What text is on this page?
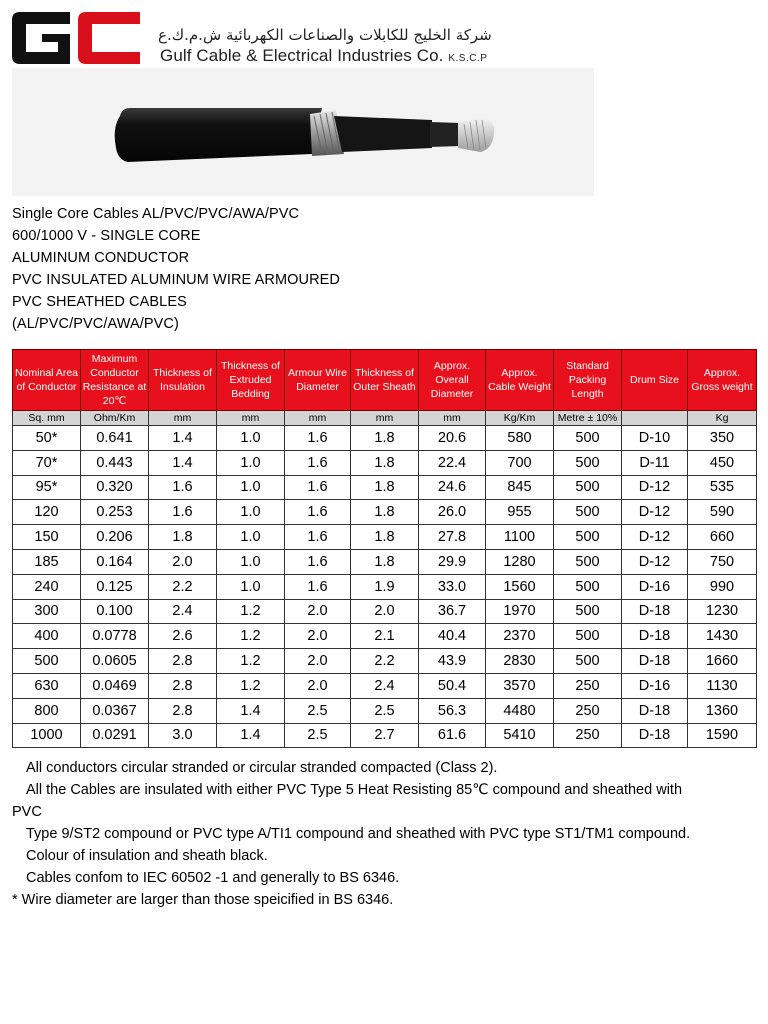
شركة الخليج للكابلات والصناعات الكهربائية ش.م.ك.ع
Gulf Cable & Electrical Industries Co. K.S.C.P
Single Core Cables AL/PVC/PVC/AWA/PVC
600/1000 V - SINGLE CORE
ALUMINUM CONDUCTOR
PVC INSULATED ALUMINUM WIRE ARMOURED
PVC SHEATHED CABLES
(AL/PVC/PVC/AWA/PVC)
Nominal Area of Conductor	Maximum Conductor Resistance at 20℃	Thickness of Insulation	Thickness of Extruded Bedding	Armour Wire Diameter	Thickness of Outer Sheath	Approx. Overall Diameter	Approx. Cable Weight	Standard Packing Length	Drum Size	Approx. Gross weight
Sq. mm	Ohm/Km	mm	mm	mm	mm	mm	Kg/Km	Metre ± 10%		Kg
50*	0.641	1.4	1.0	1.6	1.8	20.6	580	500	D-10	350
70*	0.443	1.4	1.0	1.6	1.8	22.4	700	500	D-11	450
95*	0.320	1.6	1.0	1.6	1.8	24.6	845	500	D-12	535
120	0.253	1.6	1.0	1.6	1.8	26.0	955	500	D-12	590
150	0.206	1.8	1.0	1.6	1.8	27.8	1100	500	D-12	660
185	0.164	2.0	1.0	1.6	1.8	29.9	1280	500	D-12	750
240	0.125	2.2	1.0	1.6	1.9	33.0	1560	500	D-16	990
300	0.100	2.4	1.2	2.0	2.0	36.7	1970	500	D-18	1230
400	0.0778	2.6	1.2	2.0	2.1	40.4	2370	500	D-18	1430
500	0.0605	2.8	1.2	2.0	2.2	43.9	2830	500	D-18	1660
630	0.0469	2.8	1.2	2.0	2.4	50.4	3570	250	D-16	1130
800	0.0367	2.8	1.4	2.5	2.5	56.3	4480	250	D-18	1360
1000	0.0291	3.0	1.4	2.5	2.7	61.6	5410	250	D-18	1590
All conductors circular stranded or circular stranded compacted (Class 2).
All the Cables are insulated with either PVC Type 5 Heat Resisting 85℃ compound and sheathed with
PVC
Type 9/ST2 compound or PVC type A/TI1 compound and sheathed with PVC type ST1/TM1 compound.
Colour of insulation and sheath black.
Cables confom to IEC 60502 -1 and generally to BS 6346.
* Wire diameter are larger than those speicified in BS 6346.
